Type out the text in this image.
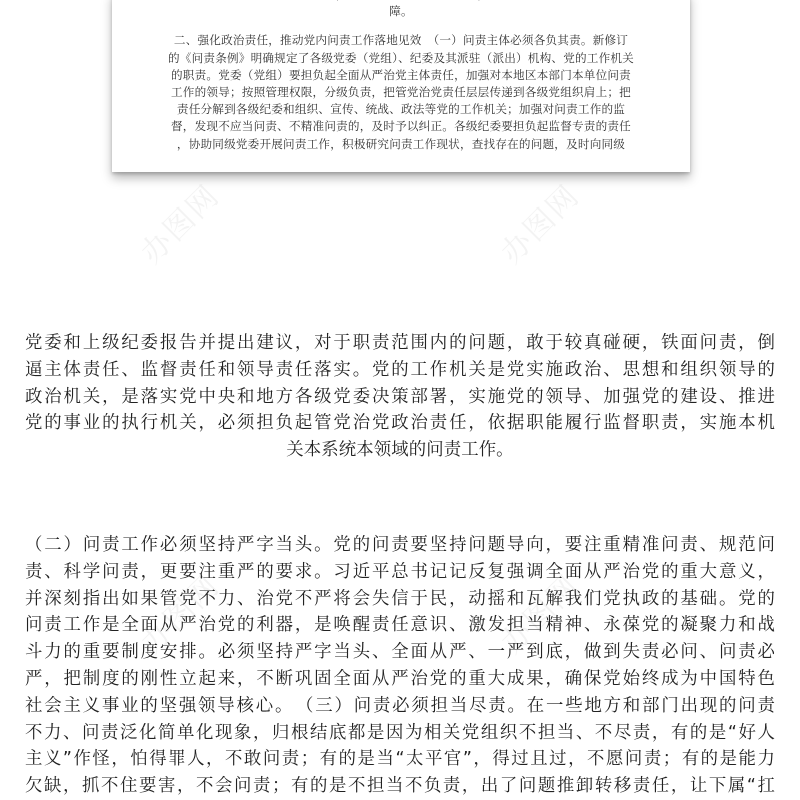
办图网	办图网
办图网	办图网
障。
二、强化政治责任，推动党内问责工作落地见效　（一）问责主体必须各负其责。新修订
的《问责条例》明确规定了各级党委（党组）、纪委及其派驻（派出）机构、党的工作机关
的职责。党委（党组）要担负起全面从严治党主体责任，加强对本地区本部门本单位问责
工作的领导；按照管理权限，分级负责，把管党治党责任层层传递到各级党组织肩上；把
责任分解到各级纪委和组织、宣传、统战、政法等党的工作机关；加强对问责工作的监
督，发现不应当问责、不精准问责的，及时予以纠正。各级纪委要担负起监督专责的责任
，协助同级党委开展问责工作，积极研究问责工作现状，查找存在的问题，及时向同级
党委和上级纪委报告并提出建议，对于职责范围内的问题，敢于较真碰硬，铁面问责，倒
逼主体责任、监督责任和领导责任落实。党的工作机关是党实施政治、思想和组织领导的
政治机关，是落实党中央和地方各级党委决策部署，实施党的领导、加强党的建设、推进
党的事业的执行机关，必须担负起管党治党政治责任，依据职能履行监督职责，实施本机
关本系统本领域的问责工作。
（二）问责工作必须坚持严字当头。党的问责要坚持问题导向，要注重精准问责、规范问
责、科学问责，更要注重严的要求。习近平总书记记反复强调全面从严治党的重大意义，
并深刻指出如果管党不力、治党不严将会失信于民，动摇和瓦解我们党执政的基础。党的
问责工作是全面从严治党的利器，是唤醒责任意识、激发担当精神、永葆党的凝聚力和战
斗力的重要制度安排。必须坚持严字当头、全面从严、一严到底，做到失责必问、问责必
严，把制度的刚性立起来，不断巩固全面从严治党的重大成果，确保党始终成为中国特色
社会主义事业的坚强领导核心。　（三）问责必须担当尽责。在一些地方和部门出现的问责
不力、问责泛化简单化现象，归根结底都是因为相关党组织不担当、不尽责，有的是“好人
主义”作怪，怕得罪人，不敢问责；有的是当“太平官”，得过且过，不愿问责；有的是能力
欠缺，抓不住要害，不会问责；有的是不担当不负责，出了问题推卸转移责任，让下属“扛
